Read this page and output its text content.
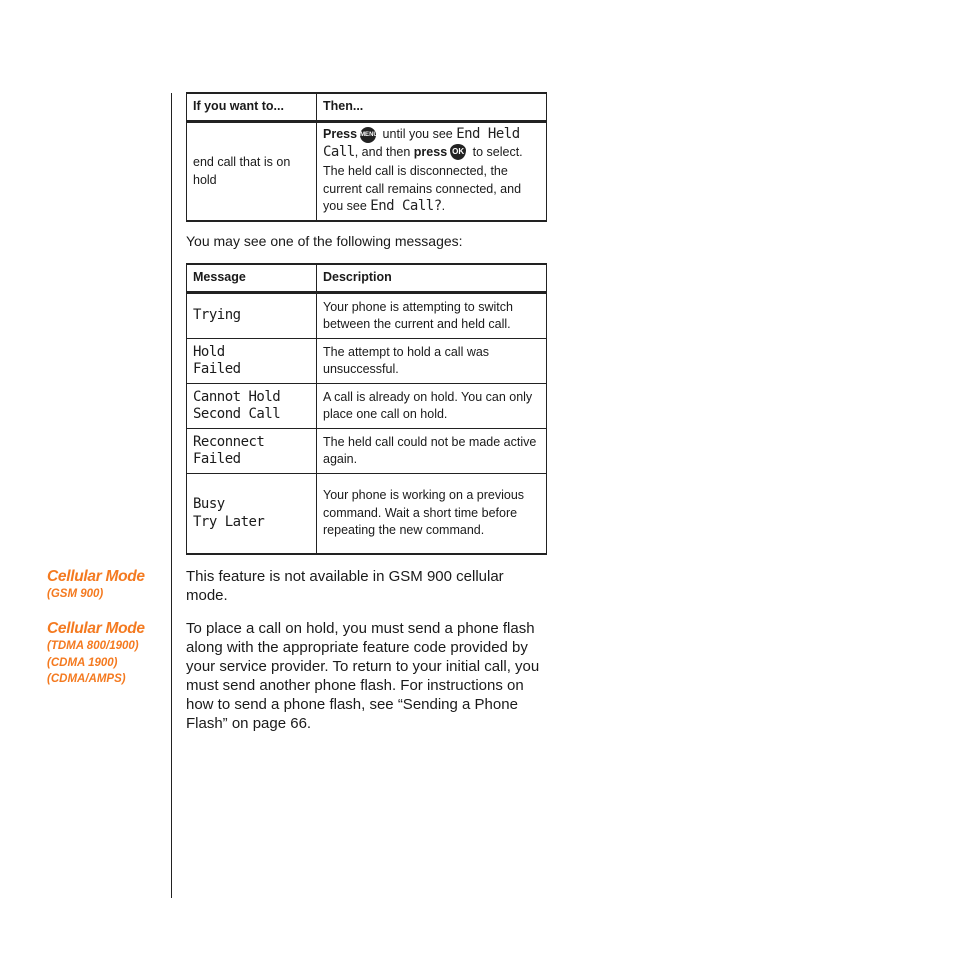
If you want to...	Then...
end call that is on hold	Press MENU until you see End Held Call, and then press OK to select.
The held call is disconnected, the current call remains connected, and you see End Call?.
You may see one of the following messages:
Message	Description

Trying	Your phone is attempting to switch between the current and held call.

Hold
Failed	The attempt to hold a call was unsuccessful.

Cannot Hold
Second Call	A call is already on hold. You can only place one call on hold.

Reconnect
Failed	The held call could not be made active again.

Busy
Try Later	Your phone is working on a previous command. Wait a short time before repeating the new command.
Cellular Mode
(GSM 900)
This feature is not available in GSM 900 cellular mode.
Cellular Mode
(TDMA 800/1900)
(CDMA 1900)
(CDMA/AMPS)
To place a call on hold, you must send a phone flash along with the appropriate feature code provided by your service provider. To return to your initial call, you must send another phone flash. For instructions on how to send a phone flash, see “Sending a Phone Flash” on page 66.
